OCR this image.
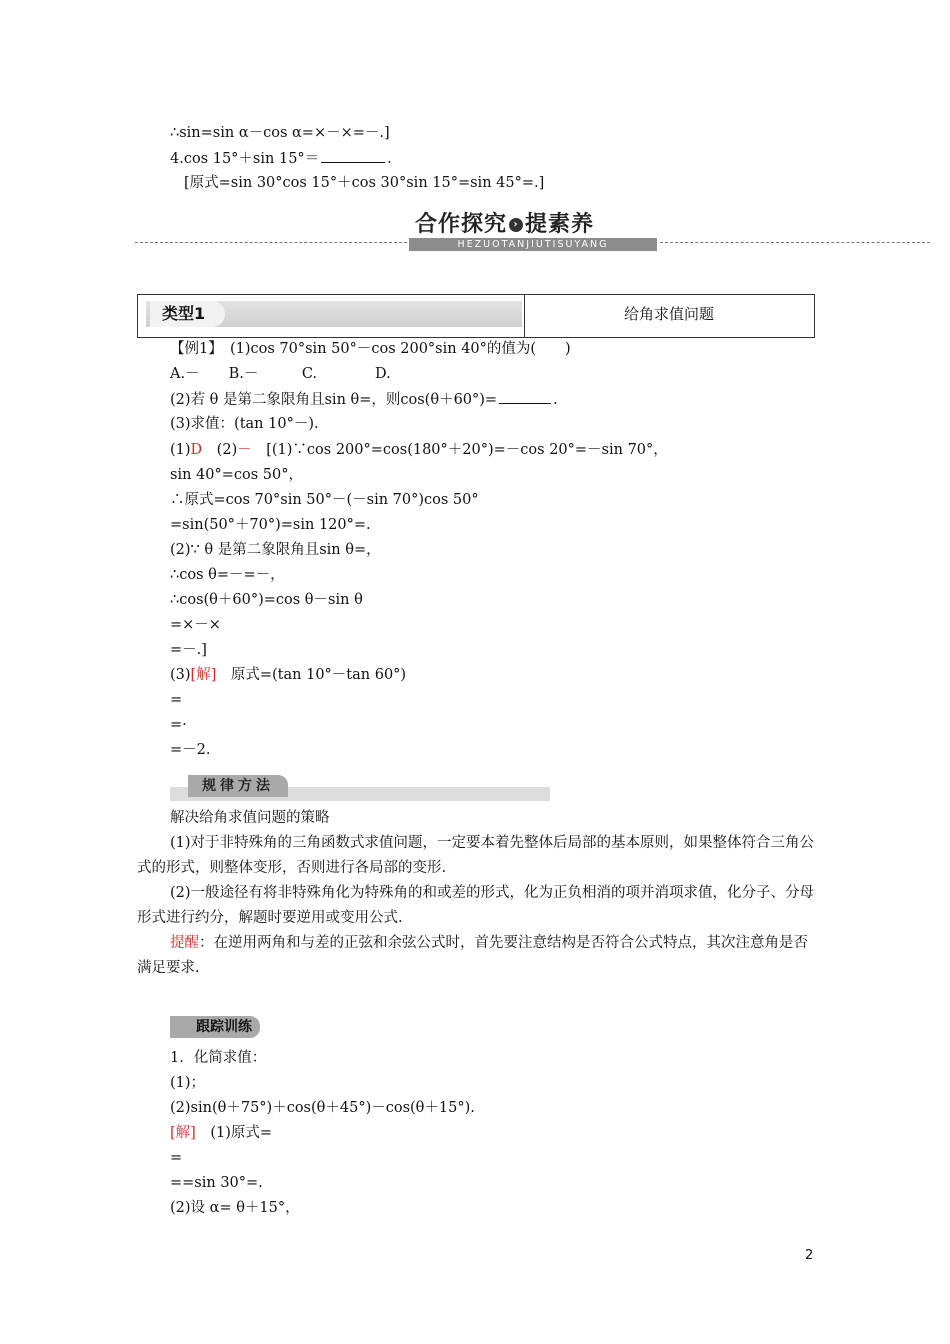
∴sin=sin α－cos α=×－×=－.]
4.cos 15°＋sin 15°＝	.
[原式=sin 30°cos 15°＋cos 30°sin 15°=sin 45°=.]
合作探究 › 提素养
HEZUOTANJIUTISUYANG
类型1	给角求值问题
【例1】　(1)cos 70°sin 50°－cos 200°sin 40°的值为(　　)
A.－　　B.－　　　C.　　　　D.
(2)若 θ 是第二象限角且sin θ=，则cos(θ＋60°)=	.
(3)求值：(tan 10°－).
(1)D　(2)－　[(1)∵cos 200°=cos(180°＋20°)=－cos 20°=－sin 70°，
sin 40°=cos 50°，
∴原式=cos 70°sin 50°－(－sin 70°)cos 50°
=sin(50°＋70°)=sin 120°=.
(2)∵ θ 是第二象限角且sin θ=，
∴cos θ=－=－，
∴cos(θ＋60°)=cos θ－sin θ
=×－×
=－.]
(3)[解]　原式=(tan 10°－tan 60°)
=
=·
=－2.
规律方法
解决给角求值问题的策略
(1)对于非特殊角的三角函数式求值问题，一定要本着先整体后局部的基本原则，如果整体符合三角公式的形式，则整体变形，否则进行各局部的变形.
(2)一般途径有将非特殊角化为特殊角的和或差的形式，化为正负相消的项并消项求值，化分子、分母形式进行约分，解题时要逆用或变用公式.
提醒：在逆用两角和与差的正弦和余弦公式时，首先要注意结构是否符合公式特点，其次注意角是否满足要求.
跟踪训练
1．化简求值：
(1)；
(2)sin(θ＋75°)＋cos(θ＋45°)－cos(θ＋15°).
[解]　(1)原式=
=
==sin 30°=.
(2)设 α= θ＋15°，
2
